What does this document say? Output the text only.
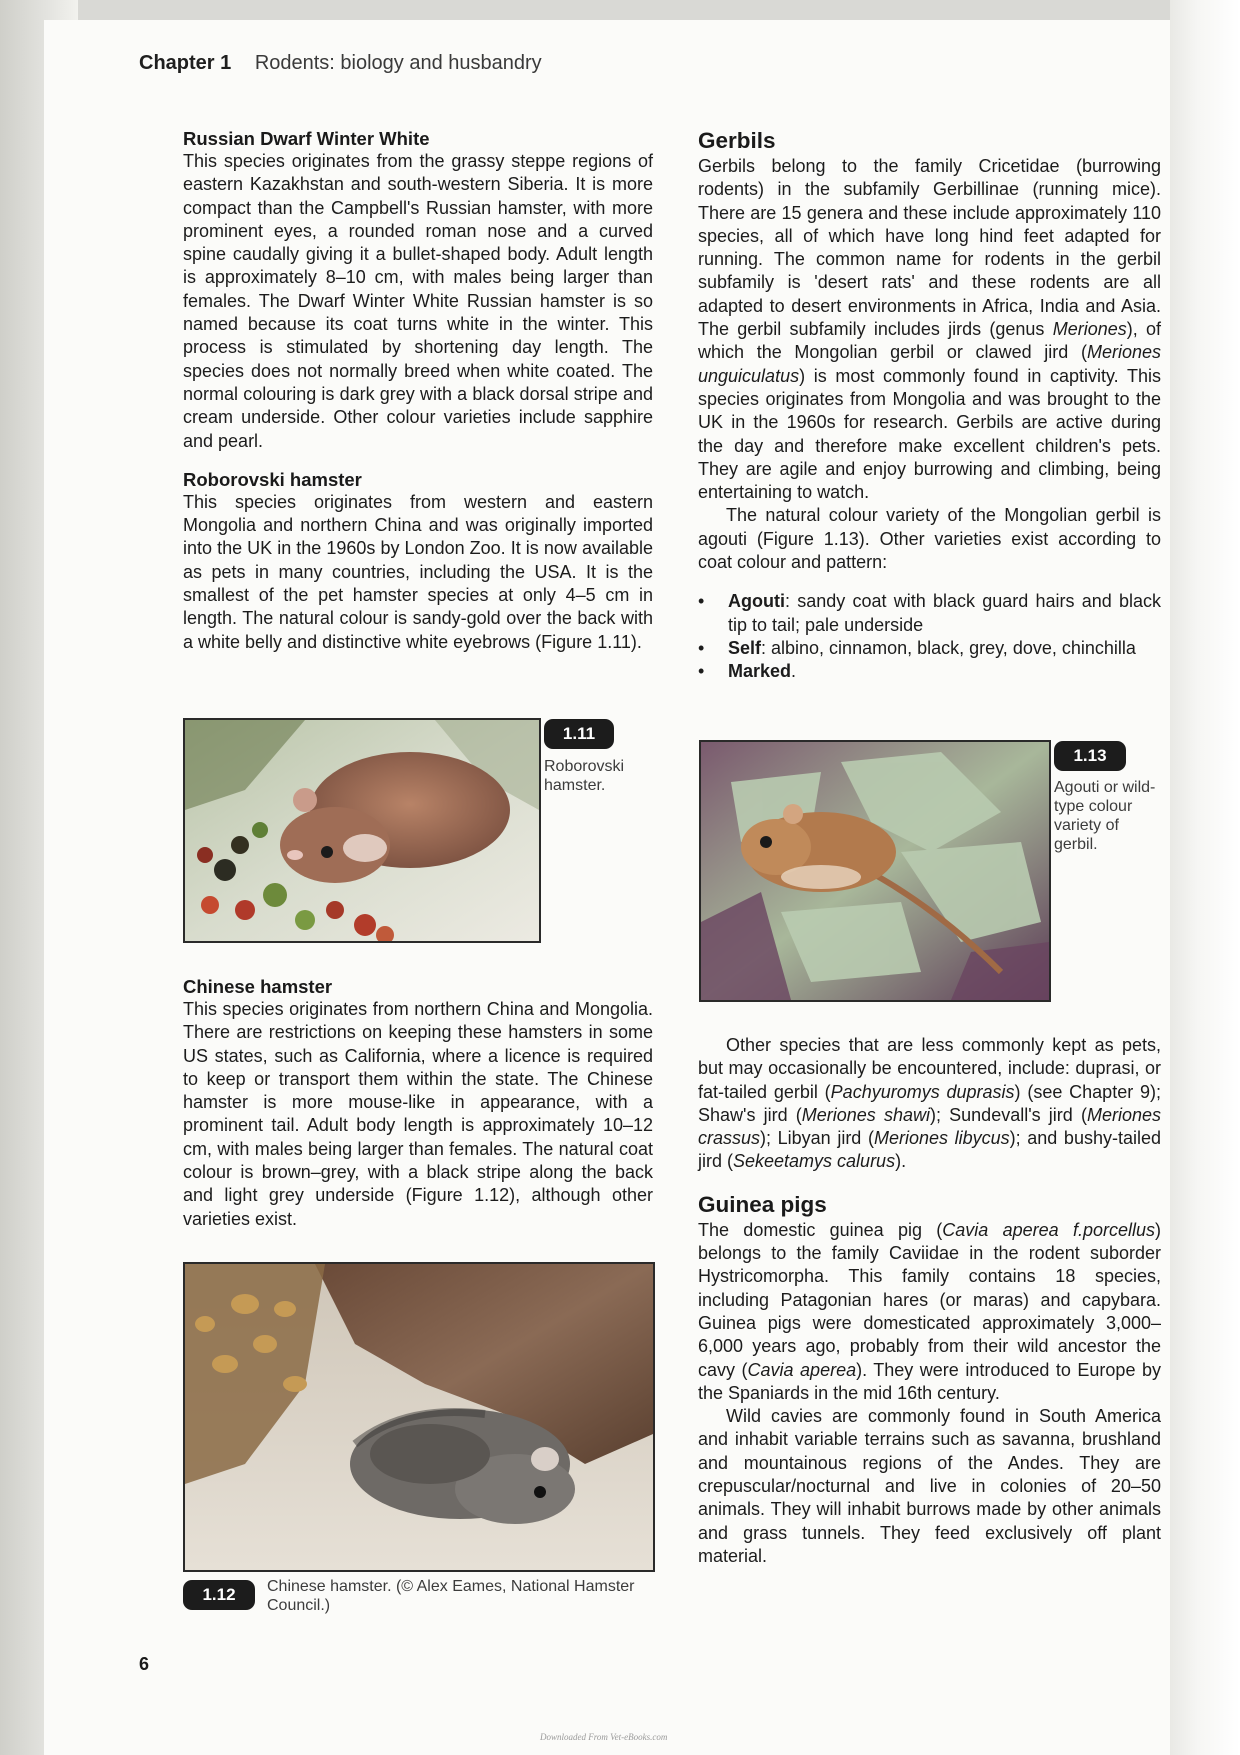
Chapter 1 Rodents: biology and husbandry
Russian Dwarf Winter White

This species originates from the grassy steppe regions of eastern Kazakhstan and south-western Siberia. It is more compact than the Campbell's Russian hamster, with more prominent eyes, a rounded roman nose and a curved spine caudally giving it a bullet-shaped body. Adult length is approximately 8–10 cm, with males being larger than females. The Dwarf Winter White Russian hamster is so named because its coat turns white in the winter. This process is stimulated by shortening day length. The species does not normally breed when white coated. The normal colouring is dark grey with a black dorsal stripe and cream underside. Other colour varieties include sapphire and pearl.

Roborovski hamster

This species originates from western and eastern Mongolia and northern China and was originally imported into the UK in the 1960s by London Zoo. It is now available as pets in many countries, including the USA. It is the smallest of the pet hamster species at only 4–5 cm in length. The natural colour is sandy-gold over the back with a white belly and distinctive white eyebrows (Figure 1.11).

1.11
Roborovski hamster.
Chinese hamster

This species originates from northern China and Mongolia. There are restrictions on keeping these hamsters in some US states, such as California, where a licence is required to keep or transport them within the state. The Chinese hamster is more mouse-like in appearance, with a prominent tail. Adult body length is approximately 10–12 cm, with males being larger than females. The natural coat colour is brown–grey, with a black stripe along the back and light grey underside (Figure 1.12), although other varieties exist.

1.12	Chinese hamster. (© Alex Eames, National Hamster Council.)
Gerbils

Gerbils belong to the family Cricetidae (burrowing rodents) in the subfamily Gerbillinae (running mice). There are 15 genera and these include approximately 110 species, all of which have long hind feet adapted for running. The common name for rodents in the gerbil subfamily is 'desert rats' and these rodents are all adapted to desert environments in Africa, India and Asia. The gerbil subfamily includes jirds (genus Meriones), of which the Mongolian gerbil or clawed jird (Meriones unguiculatus) is most commonly found in captivity. This species originates from Mongolia and was brought to the UK in the 1960s for research. Gerbils are active during the day and therefore make excellent children's pets. They are agile and enjoy burrowing and climbing, being entertaining to watch.

The natural colour variety of the Mongolian gerbil is agouti (Figure 1.13). Other varieties exist according to coat colour and pattern:

• Agouti: sandy coat with black guard hairs and black tip to tail; pale underside
• Self: albino, cinnamon, black, grey, dove, chinchilla
• Marked.
1.13
Agouti or wild-type colour variety of gerbil.

Other species that are less commonly kept as pets, but may occasionally be encountered, include: duprasi, or fat-tailed gerbil (Pachyuromys duprasis) (see Chapter 9); Shaw's jird (Meriones shawi); Sundevall's jird (Meriones crassus); Libyan jird (Meriones libycus); and bushy-tailed jird (Sekeetamys calurus).

Guinea pigs

The domestic guinea pig (Cavia aperea f.porcellus) belongs to the family Caviidae in the rodent suborder Hystricomorpha. This family contains 18 species, including Patagonian hares (or maras) and capybara. Guinea pigs were domesticated approximately 3,000–6,000 years ago, probably from their wild ancestor the cavy (Cavia aperea). They were introduced to Europe by the Spaniards in the mid 16th century.

Wild cavies are commonly found in South America and inhabit variable terrains such as savanna, brushland and mountainous regions of the Andes. They are crepuscular/nocturnal and live in colonies of 20–50 animals. They will inhabit burrows made by other animals and grass tunnels. They feed exclusively off plant material.

6
Downloaded From Vet-eBooks.com
